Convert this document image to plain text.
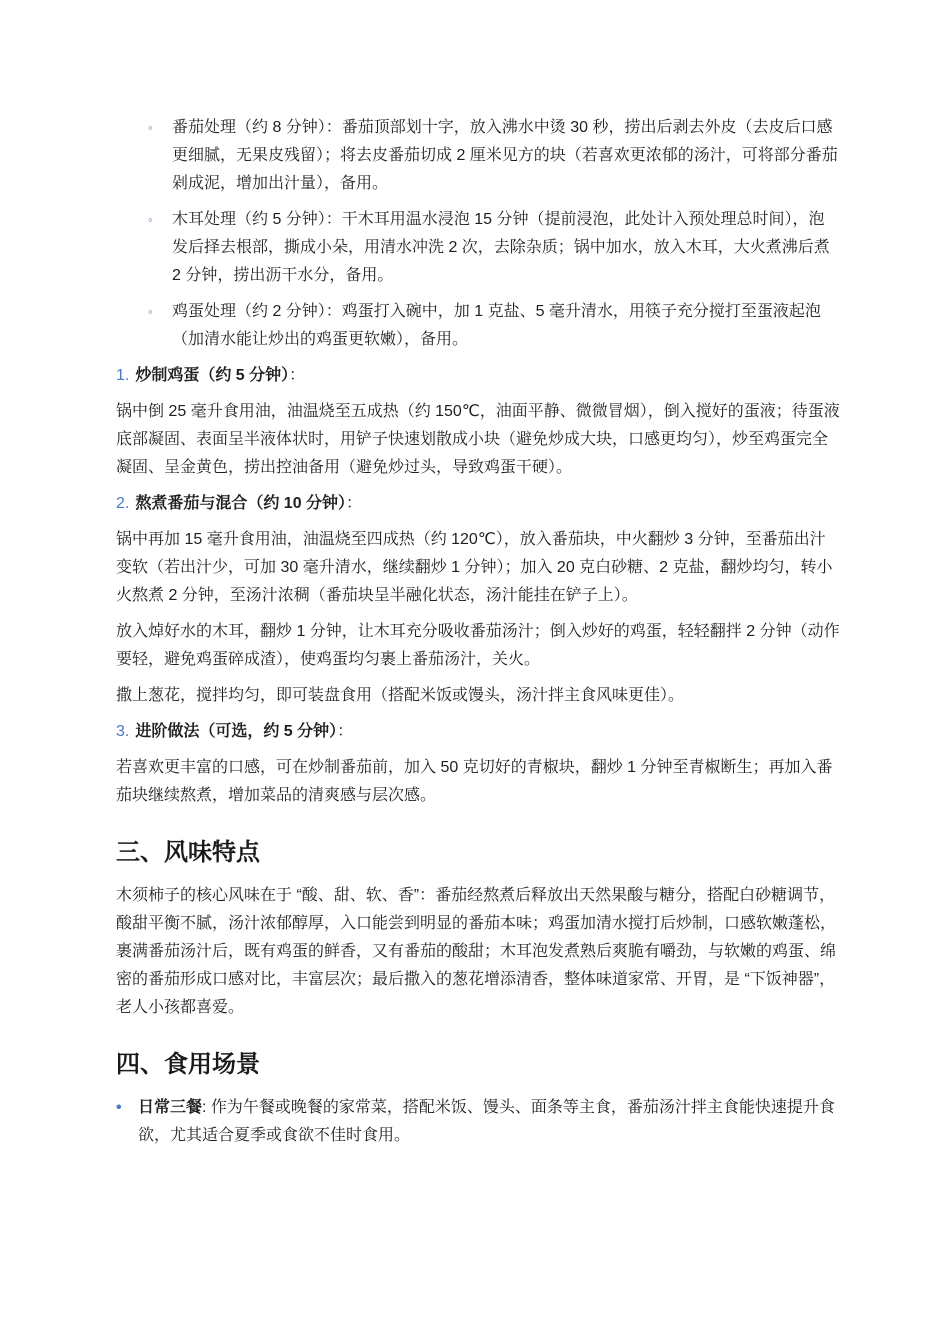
◦ 番茄处理（约 8 分钟）：番茄顶部划十字，放入沸水中烫 30 秒，捞出后剥去外皮（去皮后口感更细腻，无果皮残留）；将去皮番茄切成 2 厘米见方的块（若喜欢更浓郁的汤汁，可将部分番茄剁成泥，增加出汁量），备用。
◦ 木耳处理（约 5 分钟）：干木耳用温水浸泡 15 分钟（提前浸泡，此处计入预处理总时间），泡发后择去根部，撕成小朵，用清水冲洗 2 次，去除杂质；锅中加水，放入木耳，大火煮沸后煮 2 分钟，捞出沥干水分，备用。
◦ 鸡蛋处理（约 2 分钟）：鸡蛋打入碗中，加 1 克盐、5 毫升清水，用筷子充分搅打至蛋液起泡（加清水能让炒出的鸡蛋更软嫩），备用。
1. 炒制鸡蛋（约 5 分钟）：

锅中倒 25 毫升食用油，油温烧至五成热（约 150℃，油面平静、微微冒烟），倒入搅好的蛋液；待蛋液底部凝固、表面呈半液体状时，用铲子快速划散成小块（避免炒成大块，口感更均匀），炒至鸡蛋完全凝固、呈金黄色，捞出控油备用（避免炒过头，导致鸡蛋干硬）。

2. 熬煮番茄与混合（约 10 分钟）：

锅中再加 15 毫升食用油，油温烧至四成热（约 120℃），放入番茄块，中火翻炒 3 分钟，至番茄出汁变软（若出汁少，可加 30 毫升清水，继续翻炒 1 分钟）；加入 20 克白砂糖、2 克盐，翻炒均匀，转小火熬煮 2 分钟，至汤汁浓稠（番茄块呈半融化状态，汤汁能挂在铲子上）。

放入焯好水的木耳，翻炒 1 分钟，让木耳充分吸收番茄汤汁；倒入炒好的鸡蛋，轻轻翻拌 2 分钟（动作要轻，避免鸡蛋碎成渣），使鸡蛋均匀裹上番茄汤汁，关火。

撒上葱花，搅拌均匀，即可装盘食用（搭配米饭或馒头，汤汁拌主食风味更佳）。

3. 进阶做法（可选，约 5 分钟）：

若喜欢更丰富的口感，可在炒制番茄前，加入 50 克切好的青椒块，翻炒 1 分钟至青椒断生；再加入番茄块继续熬煮，增加菜品的清爽感与层次感。

三、风味特点

木须柿子的核心风味在于 “酸、甜、软、香”：番茄经熬煮后释放出天然果酸与糖分，搭配白砂糖调节，酸甜平衡不腻，汤汁浓郁醇厚，入口能尝到明显的番茄本味；鸡蛋加清水搅打后炒制，口感软嫩蓬松，裹满番茄汤汁后，既有鸡蛋的鲜香，又有番茄的酸甜；木耳泡发煮熟后爽脆有嚼劲，与软嫩的鸡蛋、绵密的番茄形成口感对比，丰富层次；最后撒入的葱花增添清香，整体味道家常、开胃，是 “下饭神器”，老人小孩都喜爱。

四、食用场景
• 日常三餐: 作为午餐或晚餐的家常菜，搭配米饭、馒头、面条等主食，番茄汤汁拌主食能快速提升食欲，尤其适合夏季或食欲不佳时食用。
